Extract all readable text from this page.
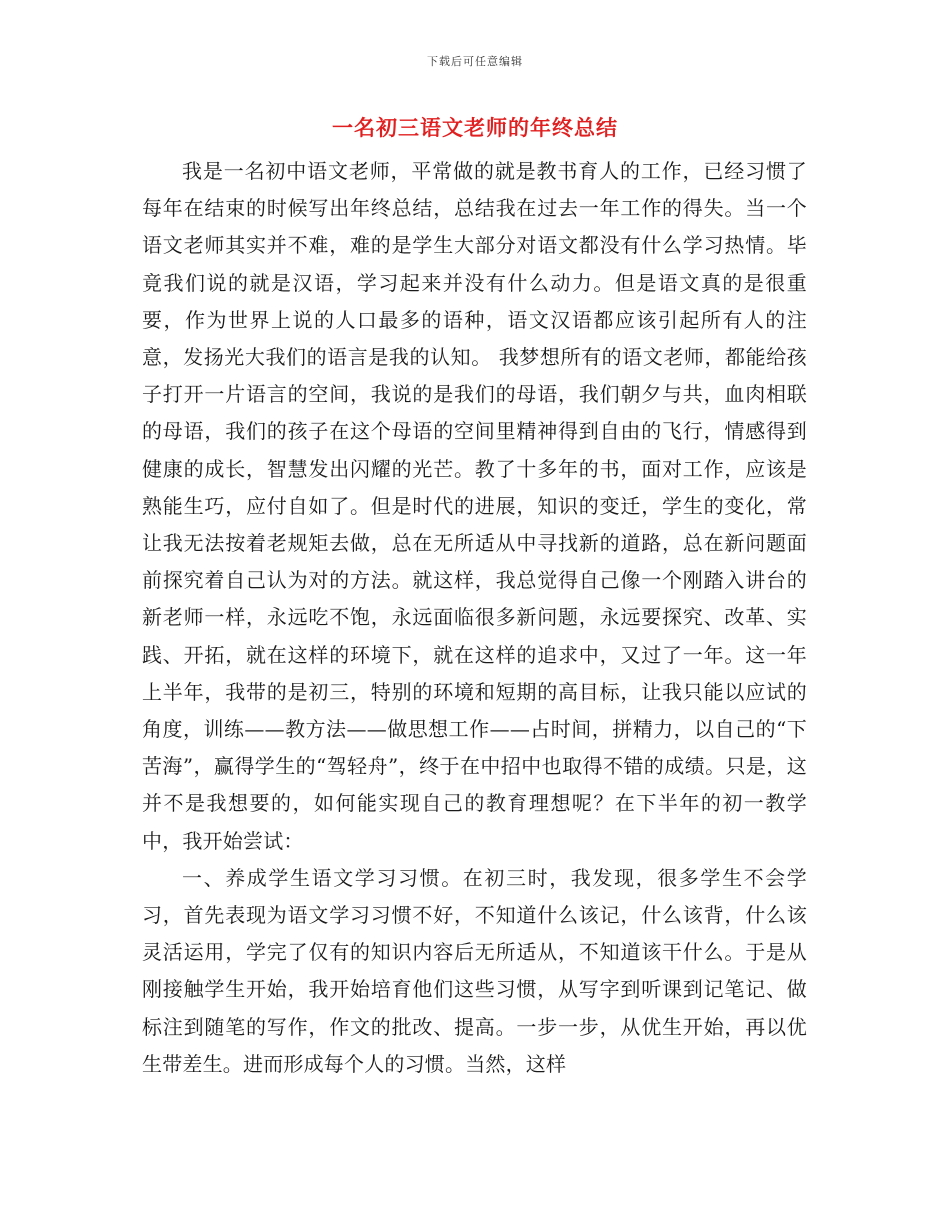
下载后可任意编辑
一名初三语文老师的年终总结

我是一名初中语文老师，平常做的就是教书育人的工作，已经习惯了每年在结束的时候写出年终总结，总结我在过去一年工作的得失。当一个语文老师其实并不难，难的是学生大部分对语文都没有什么学习热情。毕竟我们说的就是汉语，学习起来并没有什么动力。但是语文真的是很重要，作为世界上说的人口最多的语种，语文汉语都应该引起所有人的注意，发扬光大我们的语言是我的认知。 我梦想所有的语文老师，都能给孩子打开一片语言的空间，我说的是我们的母语，我们朝夕与共，血肉相联的母语，我们的孩子在这个母语的空间里精神得到自由的飞行，情感得到健康的成长，智慧发出闪耀的光芒。教了十多年的书，面对工作，应该是熟能生巧，应付自如了。但是时代的进展，知识的变迁，学生的变化，常让我无法按着老规矩去做，总在无所适从中寻找新的道路，总在新问题面前探究着自己认为对的方法。就这样，我总觉得自己像一个刚踏入讲台的新老师一样，永远吃不饱，永远面临很多新问题，永远要探究、改革、实践、开拓，就在这样的环境下，就在这样的追求中，又过了一年。这一年上半年，我带的是初三，特别的环境和短期的高目标，让我只能以应试的角度，训练——教方法——做思想工作——占时间，拼精力，以自己的“下苦海”，赢得学生的“驾轻舟”，终于在中招中也取得不错的成绩。只是，这并不是我想要的，如何能实现自己的教育理想呢？在下半年的初一教学中，我开始尝试：

一、养成学生语文学习习惯。在初三时，我发现，很多学生不会学习，首先表现为语文学习习惯不好，不知道什么该记，什么该背，什么该灵活运用，学完了仅有的知识内容后无所适从，不知道该干什么。于是从刚接触学生开始，我开始培育他们这些习惯，从写字到听课到记笔记、做标注到随笔的写作，作文的批改、提高。一步一步，从优生开始，再以优生带差生。进而形成每个人的习惯。当然，这样
